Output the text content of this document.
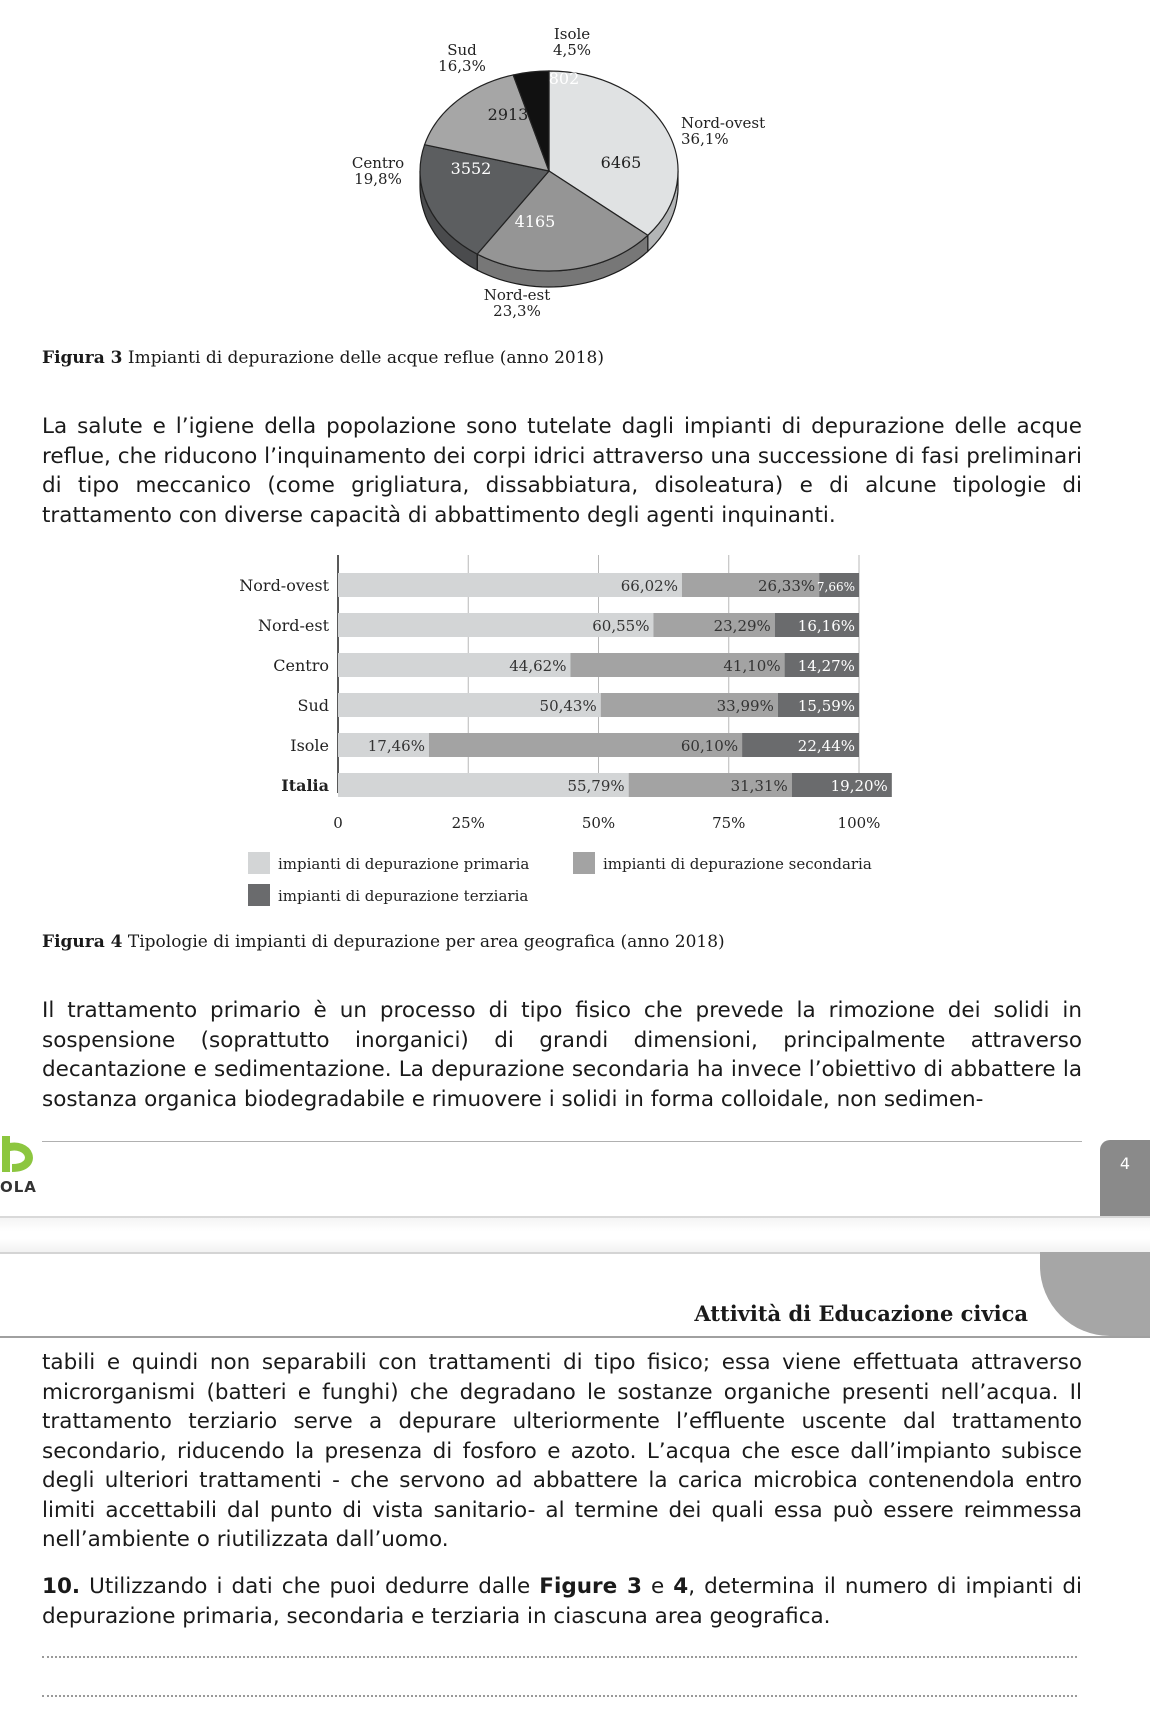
6465
Nord-ovest
36,1%
4165
Nord-est
23,3%
3552
Centro
19,8%
2913
Sud
16,3%
802
Isole
4,5%

Figura 3 Impianti di depurazione delle acque reflue (anno 2018)

La salute e l’igiene della popolazione sono tutelate dagli impianti di depurazione delle acque reflue, che riducono l’inquinamento dei corpi idrici attraverso una successione di fasi preliminari di tipo meccanico (come grigliatura, dissabbiatura, disoleatura) e di alcune tipologie di trattamento con diverse capacità di abbattimento degli agenti inquinanti.

Nord-ovest	66,02%	26,33% 7,66%
Nord-est	60,55%	23,29% 16,16%
Centro	44,62%	41,10% 14,27%
Sud	50,43%	33,99% 15,59%
Isole	17,46%	60,10%	22,44%
Italia	55,79%	31,31%	19,20%
0	25%	50%	75%	100%
impianti di depurazione primaria	impianti di depurazione secondaria
impianti di depurazione terziaria

Figura 4 Tipologie di impianti di depurazione per area geografica (anno 2018)

Il trattamento primario è un processo di tipo fisico che prevede la rimozione dei solidi in sospensione (soprattutto inorganici) di grandi dimensioni, principalmente attraverso decantazione e sedimentazione. La depurazione secondaria ha invece l’obiettivo di abbattere la sostanza organica biodegradabile e rimuovere i solidi in forma colloidale, non sedimen-

OLA
4
Attività di Educazione civica

tabili e quindi non separabili con trattamenti di tipo fisico; essa viene effettuata attraverso microrganismi (batteri e funghi) che degradano le sostanze organiche presenti nell’acqua. Il trattamento terziario serve a depurare ulteriormente l’effluente uscente dal trattamento secondario, riducendo la presenza di fosforo e azoto. L’acqua che esce dall’impianto subisce degli ulteriori trattamenti - che servono ad abbattere la carica microbica contenendola entro limiti accettabili dal punto di vista sanitario- al termine dei quali essa può essere reimmessa nell’ambiente o riutilizzata dall’uomo.

10. Utilizzando i dati che puoi dedurre dalle Figure 3 e 4, determina il numero di impianti di depurazione primaria, secondaria e terziaria in ciascuna area geografica.
